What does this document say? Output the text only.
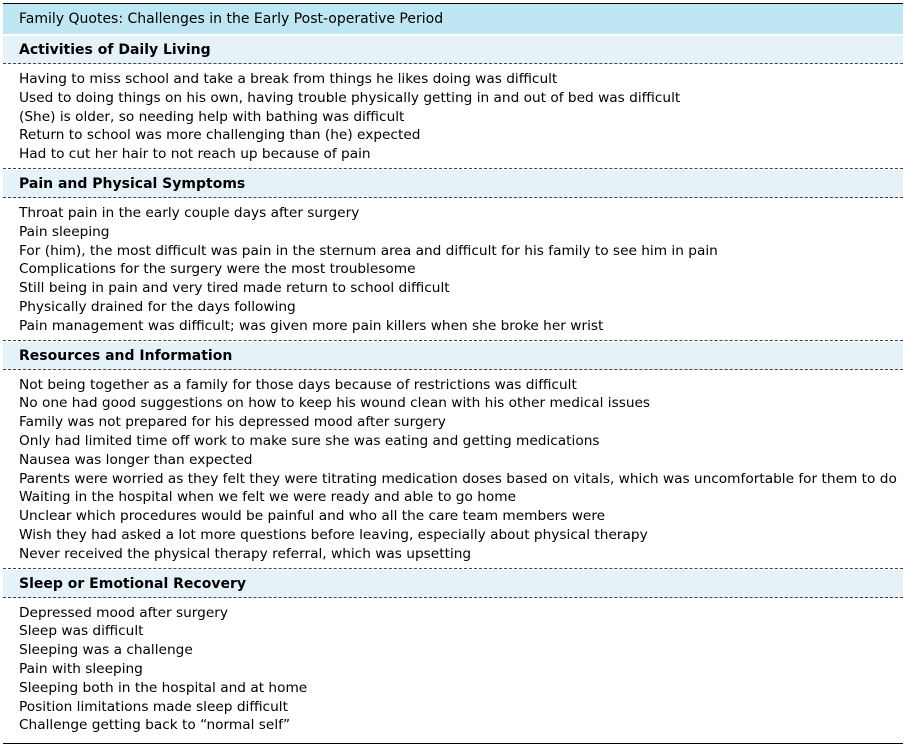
Family Quotes: Challenges in the Early Post-operative Period
Activities of Daily Living
Having to miss school and take a break from things he likes doing was difficult
Used to doing things on his own, having trouble physically getting in and out of bed was difficult
(She) is older, so needing help with bathing was difficult
Return to school was more challenging than (he) expected
Had to cut her hair to not reach up because of pain
Pain and Physical Symptoms
Throat pain in the early couple days after surgery
Pain sleeping
For (him), the most difficult was pain in the sternum area and difficult for his family to see him in pain
Complications for the surgery were the most troublesome
Still being in pain and very tired made return to school difficult
Physically drained for the days following
Pain management was difficult; was given more pain killers when she broke her wrist
Resources and Information
Not being together as a family for those days because of restrictions was difficult
No one had good suggestions on how to keep his wound clean with his other medical issues
Family was not prepared for his depressed mood after surgery
Only had limited time off work to make sure she was eating and getting medications
Nausea was longer than expected
Parents were worried as they felt they were titrating medication doses based on vitals, which was uncomfortable for them to do
Waiting in the hospital when we felt we were ready and able to go home
Unclear which procedures would be painful and who all the care team members were
Wish they had asked a lot more questions before leaving, especially about physical therapy
Never received the physical therapy referral, which was upsetting
Sleep or Emotional Recovery
Depressed mood after surgery
Sleep was difficult
Sleeping was a challenge
Pain with sleeping
Sleeping both in the hospital and at home
Position limitations made sleep difficult
Challenge getting back to “normal self”
